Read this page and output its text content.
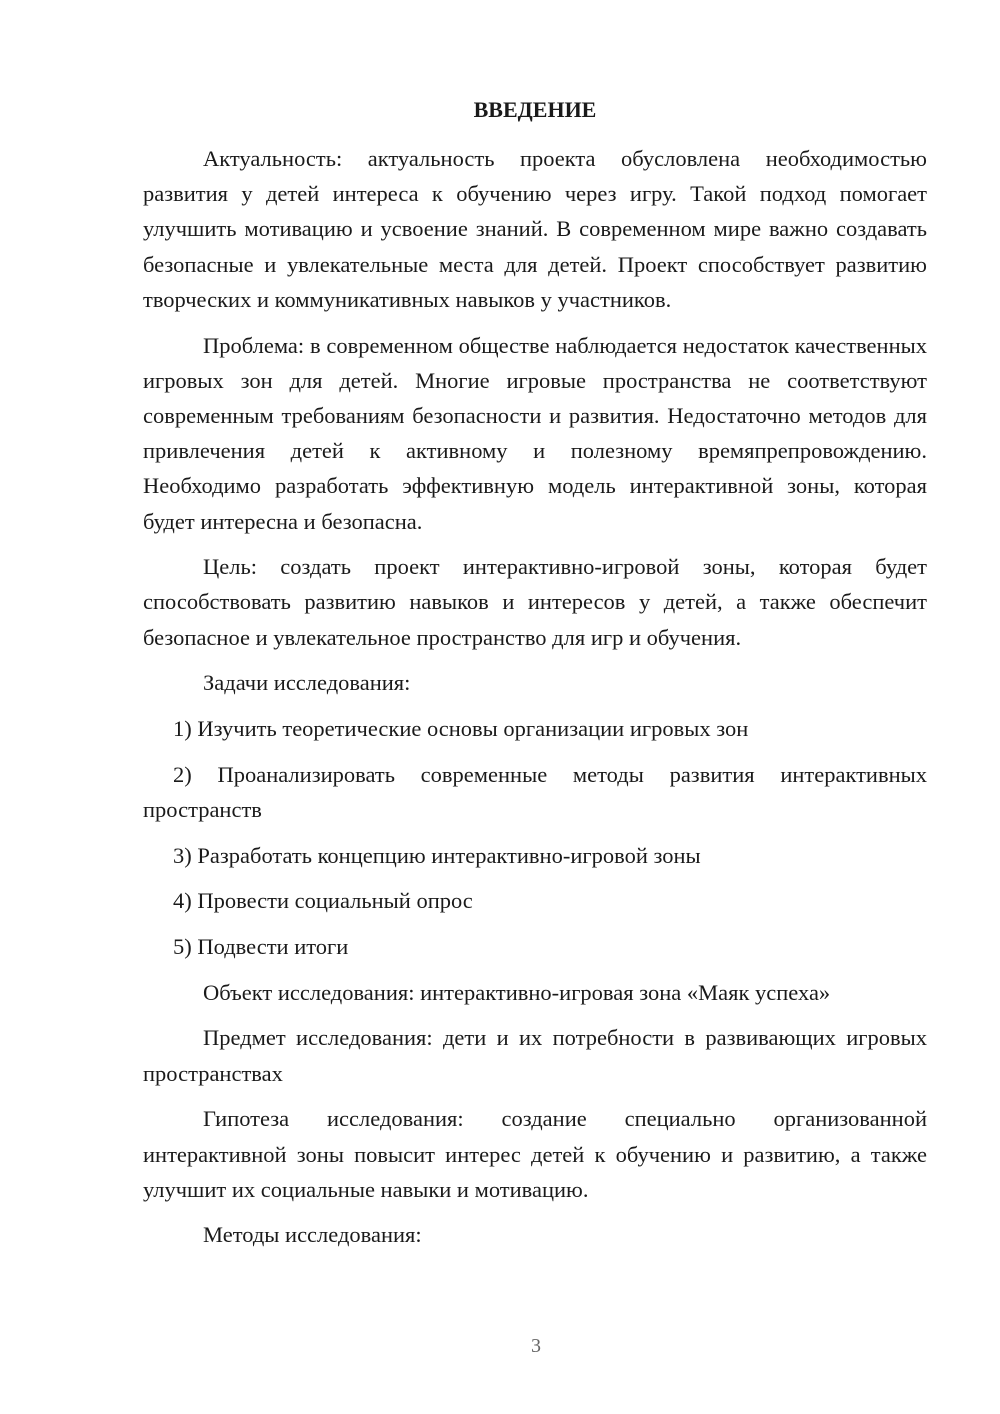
ВВЕДЕНИЕ

Актуальность: актуальность проекта обусловлена необходимостью развития у детей интереса к обучению через игру. Такой подход помогает улучшить мотивацию и усвоение знаний. В современном мире важно создавать безопасные и увлекательные места для детей. Проект способствует развитию творческих и коммуникативных навыков у участников.

Проблема: в современном обществе наблюдается недостаток качественных игровых зон для детей. Многие игровые пространства не соответствуют современным требованиям безопасности и развития. Недостаточно методов для привлечения детей к активному и полезному времяпрепровождению. Необходимо разработать эффективную модель интерактивной зоны, которая будет интересна и безопасна.

Цель: создать проект интерактивно-игровой зоны, которая будет способствовать развитию навыков и интересов у детей, а также обеспечит безопасное и увлекательное пространство для игр и обучения.

Задачи исследования:

1) Изучить теоретические основы организации игровых зон

2) Проанализировать современные методы развития интерактивных пространств

3) Разработать концепцию интерактивно-игровой зоны

4) Провести социальный опрос

5) Подвести итоги

Объект исследования: интерактивно-игровая зона «Маяк успеха»

Предмет исследования: дети и их потребности в развивающих игровых пространствах

Гипотеза исследования: создание специально организованной интерактивной зоны повысит интерес детей к обучению и развитию, а также улучшит их социальные навыки и мотивацию.

Методы исследования:

3
